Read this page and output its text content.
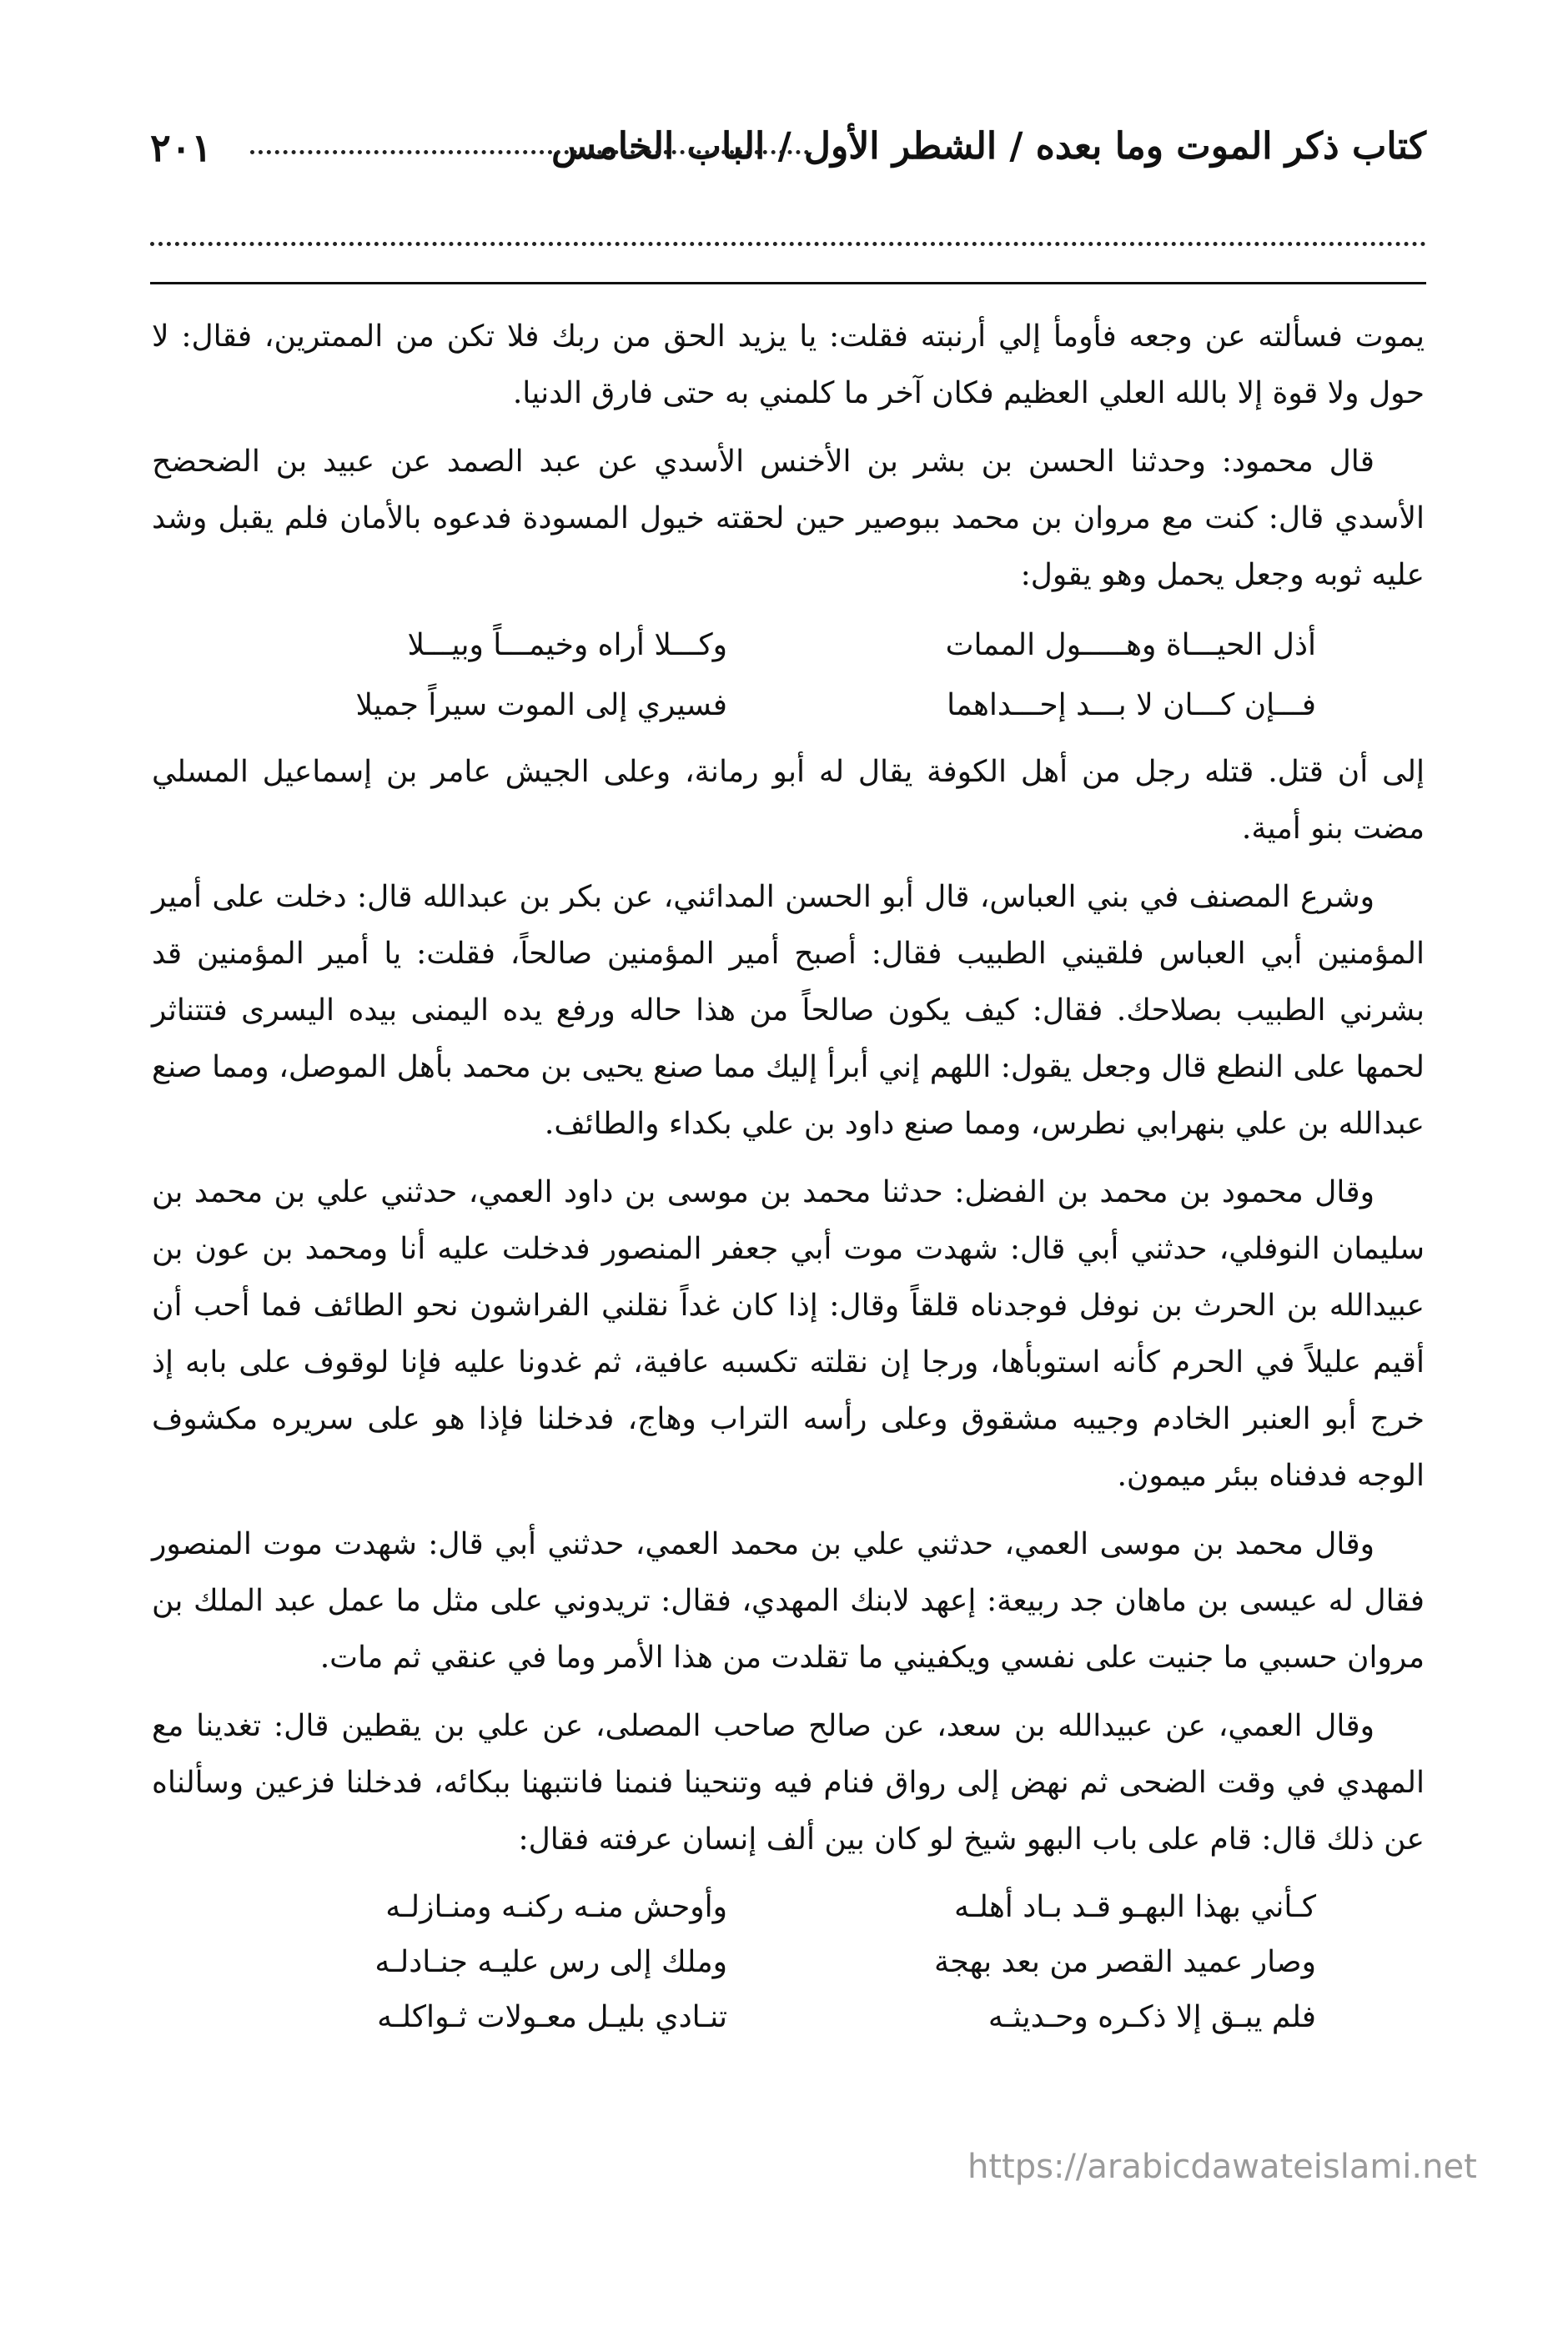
كتاب ذكر الموت وما بعده / الشطر الأول / الباب الخامس
٢٠١

يموت فسألته عن وجعه فأومأ إلي أرنبته فقلت: يا يزيد الحق من ربك فلا تكن من الممترين، فقال: لا حول ولا قوة إلا بالله العلي العظيم فكان آخر ما كلمني به حتى فارق الدنيا.

قال محمود: وحدثنا الحسن بن بشر بن الأخنس الأسدي عن عبد الصمد عن عبيد بن الضحضح الأسدي قال: كنت مع مروان بن محمد ببوصير حين لحقته خيول المسودة فدعوه بالأمان فلم يقبل وشد عليه ثوبه وجعل يحمل وهو يقول:

أذل الحيـــاة وهـــــول الممات
وكـــلا أراه وخيمـــاً وبيـــلا
فـــإن كـــان لا بـــد إحـــداهما
فسيري إلى الموت سيراً جميلا

إلى أن قتل. قتله رجل من أهل الكوفة يقال له أبو رمانة، وعلى الجيش عامر بن إسماعيل المسلي مضت بنو أمية.

وشرع المصنف في بني العباس، قال أبو الحسن المدائني، عن بكر بن عبدالله قال: دخلت على أمير المؤمنين أبي العباس فلقيني الطبيب فقال: أصبح أمير المؤمنين صالحاً، فقلت: يا أمير المؤمنين قد بشرني الطبيب بصلاحك. فقال: كيف يكون صالحاً من هذا حاله ورفع يده اليمنى بيده اليسرى فتتناثر لحمها على النطع قال وجعل يقول: اللهم إني أبرأ إليك مما صنع يحيى بن محمد بأهل الموصل، ومما صنع عبدالله بن علي بنهرابي نطرس، ومما صنع داود بن علي بكداء والطائف.

وقال محمود بن محمد بن الفضل: حدثنا محمد بن موسى بن داود العمي، حدثني علي بن محمد بن سليمان النوفلي، حدثني أبي قال: شهدت موت أبي جعفر المنصور فدخلت عليه أنا ومحمد بن عون بن عبيدالله بن الحرث بن نوفل فوجدناه قلقاً وقال: إذا كان غداً نقلني الفراشون نحو الطائف فما أحب أن أقيم عليلاً في الحرم كأنه استوبأها، ورجا إن نقلته تكسبه عافية، ثم غدونا عليه فإنا لوقوف على بابه إذ خرج أبو العنبر الخادم وجيبه مشقوق وعلى رأسه التراب وهاج، فدخلنا فإذا هو على سريره مكشوف الوجه فدفناه ببئر ميمون.

وقال محمد بن موسى العمي، حدثني علي بن محمد العمي، حدثني أبي قال: شهدت موت المنصور فقال له عيسى بن ماهان جد ربيعة: إعهد لابنك المهدي، فقال: تريدوني على مثل ما عمل عبد الملك بن مروان حسبي ما جنيت على نفسي ويكفيني ما تقلدت من هذا الأمر وما في عنقي ثم مات.

وقال العمي، عن عبيدالله بن سعد، عن صالح صاحب المصلى، عن علي بن يقطين قال: تغدينا مع المهدي في وقت الضحى ثم نهض إلى رواق فنام فيه وتنحينا فنمنا فانتبهنا ببكائه، فدخلنا فزعين وسألناه عن ذلك قال: قام على باب البهو شيخ لو كان بين ألف إنسان عرفته فقال:

كـأني بهذا البهـو قـد بـاد أهلـه
وأوحش منـه ركنـه ومنـازلـه
وصار عميد القصر من بعد بهجة
وملك إلى رس عليـه جنـادلـه
فلم يبـق إلا ذكـره وحـديثـه
تنـادي بليـل معـولات ثـواكلـه
https://arabicdawateislami.net
